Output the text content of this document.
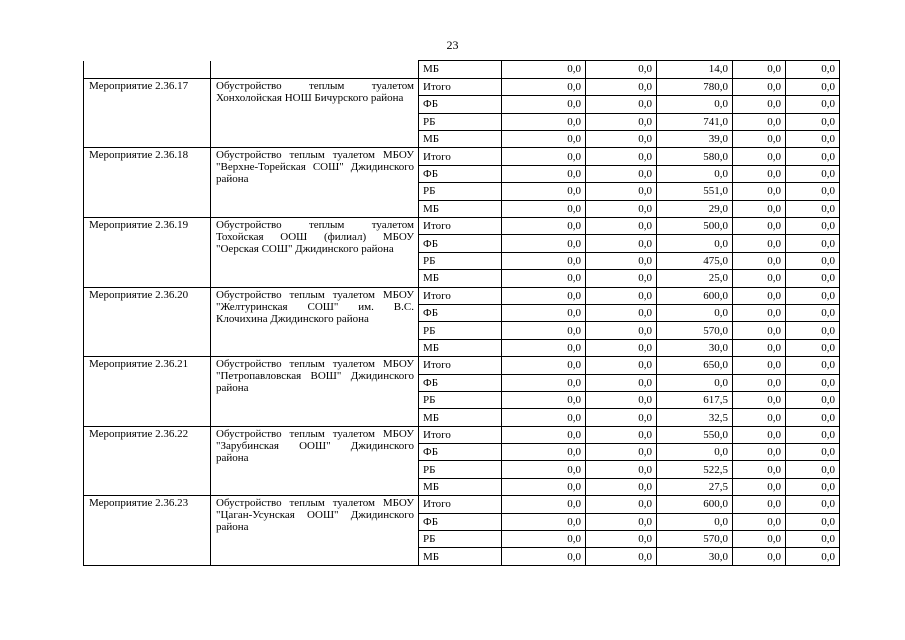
23
		МБ	0,0	0,0	14,0	0,0	0,0
Мероприятие 2.36.17	Обустройство теплым туалетом Хонхолойская НОШ Бичурского района	Итого	0,0	0,0	780,0	0,0	0,0
		ФБ	0,0	0,0	0,0	0,0	0,0
		РБ	0,0	0,0	741,0	0,0	0,0
		МБ	0,0	0,0	39,0	0,0	0,0
Мероприятие 2.36.18	Обустройство теплым туалетом МБОУ "Верхне-Торейская СОШ" Джидинского района	Итого	0,0	0,0	580,0	0,0	0,0
		ФБ	0,0	0,0	0,0	0,0	0,0
		РБ	0,0	0,0	551,0	0,0	0,0
		МБ	0,0	0,0	29,0	0,0	0,0
Мероприятие 2.36.19	Обустройство теплым туалетом Тохойская ООШ (филиал) МБОУ "Оерская СОШ" Джидинского района	Итого	0,0	0,0	500,0	0,0	0,0
		ФБ	0,0	0,0	0,0	0,0	0,0
		РБ	0,0	0,0	475,0	0,0	0,0
		МБ	0,0	0,0	25,0	0,0	0,0
Мероприятие 2.36.20	Обустройство теплым туалетом МБОУ "Желтуринская СОШ" им. В.С. Клочихина Джидинского района	Итого	0,0	0,0	600,0	0,0	0,0
		ФБ	0,0	0,0	0,0	0,0	0,0
		РБ	0,0	0,0	570,0	0,0	0,0
		МБ	0,0	0,0	30,0	0,0	0,0
Мероприятие 2.36.21	Обустройство теплым туалетом МБОУ "Петропавловская ВОШ" Джидинского района	Итого	0,0	0,0	650,0	0,0	0,0
		ФБ	0,0	0,0	0,0	0,0	0,0
		РБ	0,0	0,0	617,5	0,0	0,0
		МБ	0,0	0,0	32,5	0,0	0,0
Мероприятие 2.36.22	Обустройство теплым туалетом МБОУ "Зарубинская ООШ" Джидинского района	Итого	0,0	0,0	550,0	0,0	0,0
		ФБ	0,0	0,0	0,0	0,0	0,0
		РБ	0,0	0,0	522,5	0,0	0,0
		МБ	0,0	0,0	27,5	0,0	0,0
Мероприятие 2.36.23	Обустройство теплым туалетом МБОУ "Цаган-Усунская ООШ" Джидинского района	Итого	0,0	0,0	600,0	0,0	0,0
		ФБ	0,0	0,0	0,0	0,0	0,0
		РБ	0,0	0,0	570,0	0,0	0,0
		МБ	0,0	0,0	30,0	0,0	0,0
